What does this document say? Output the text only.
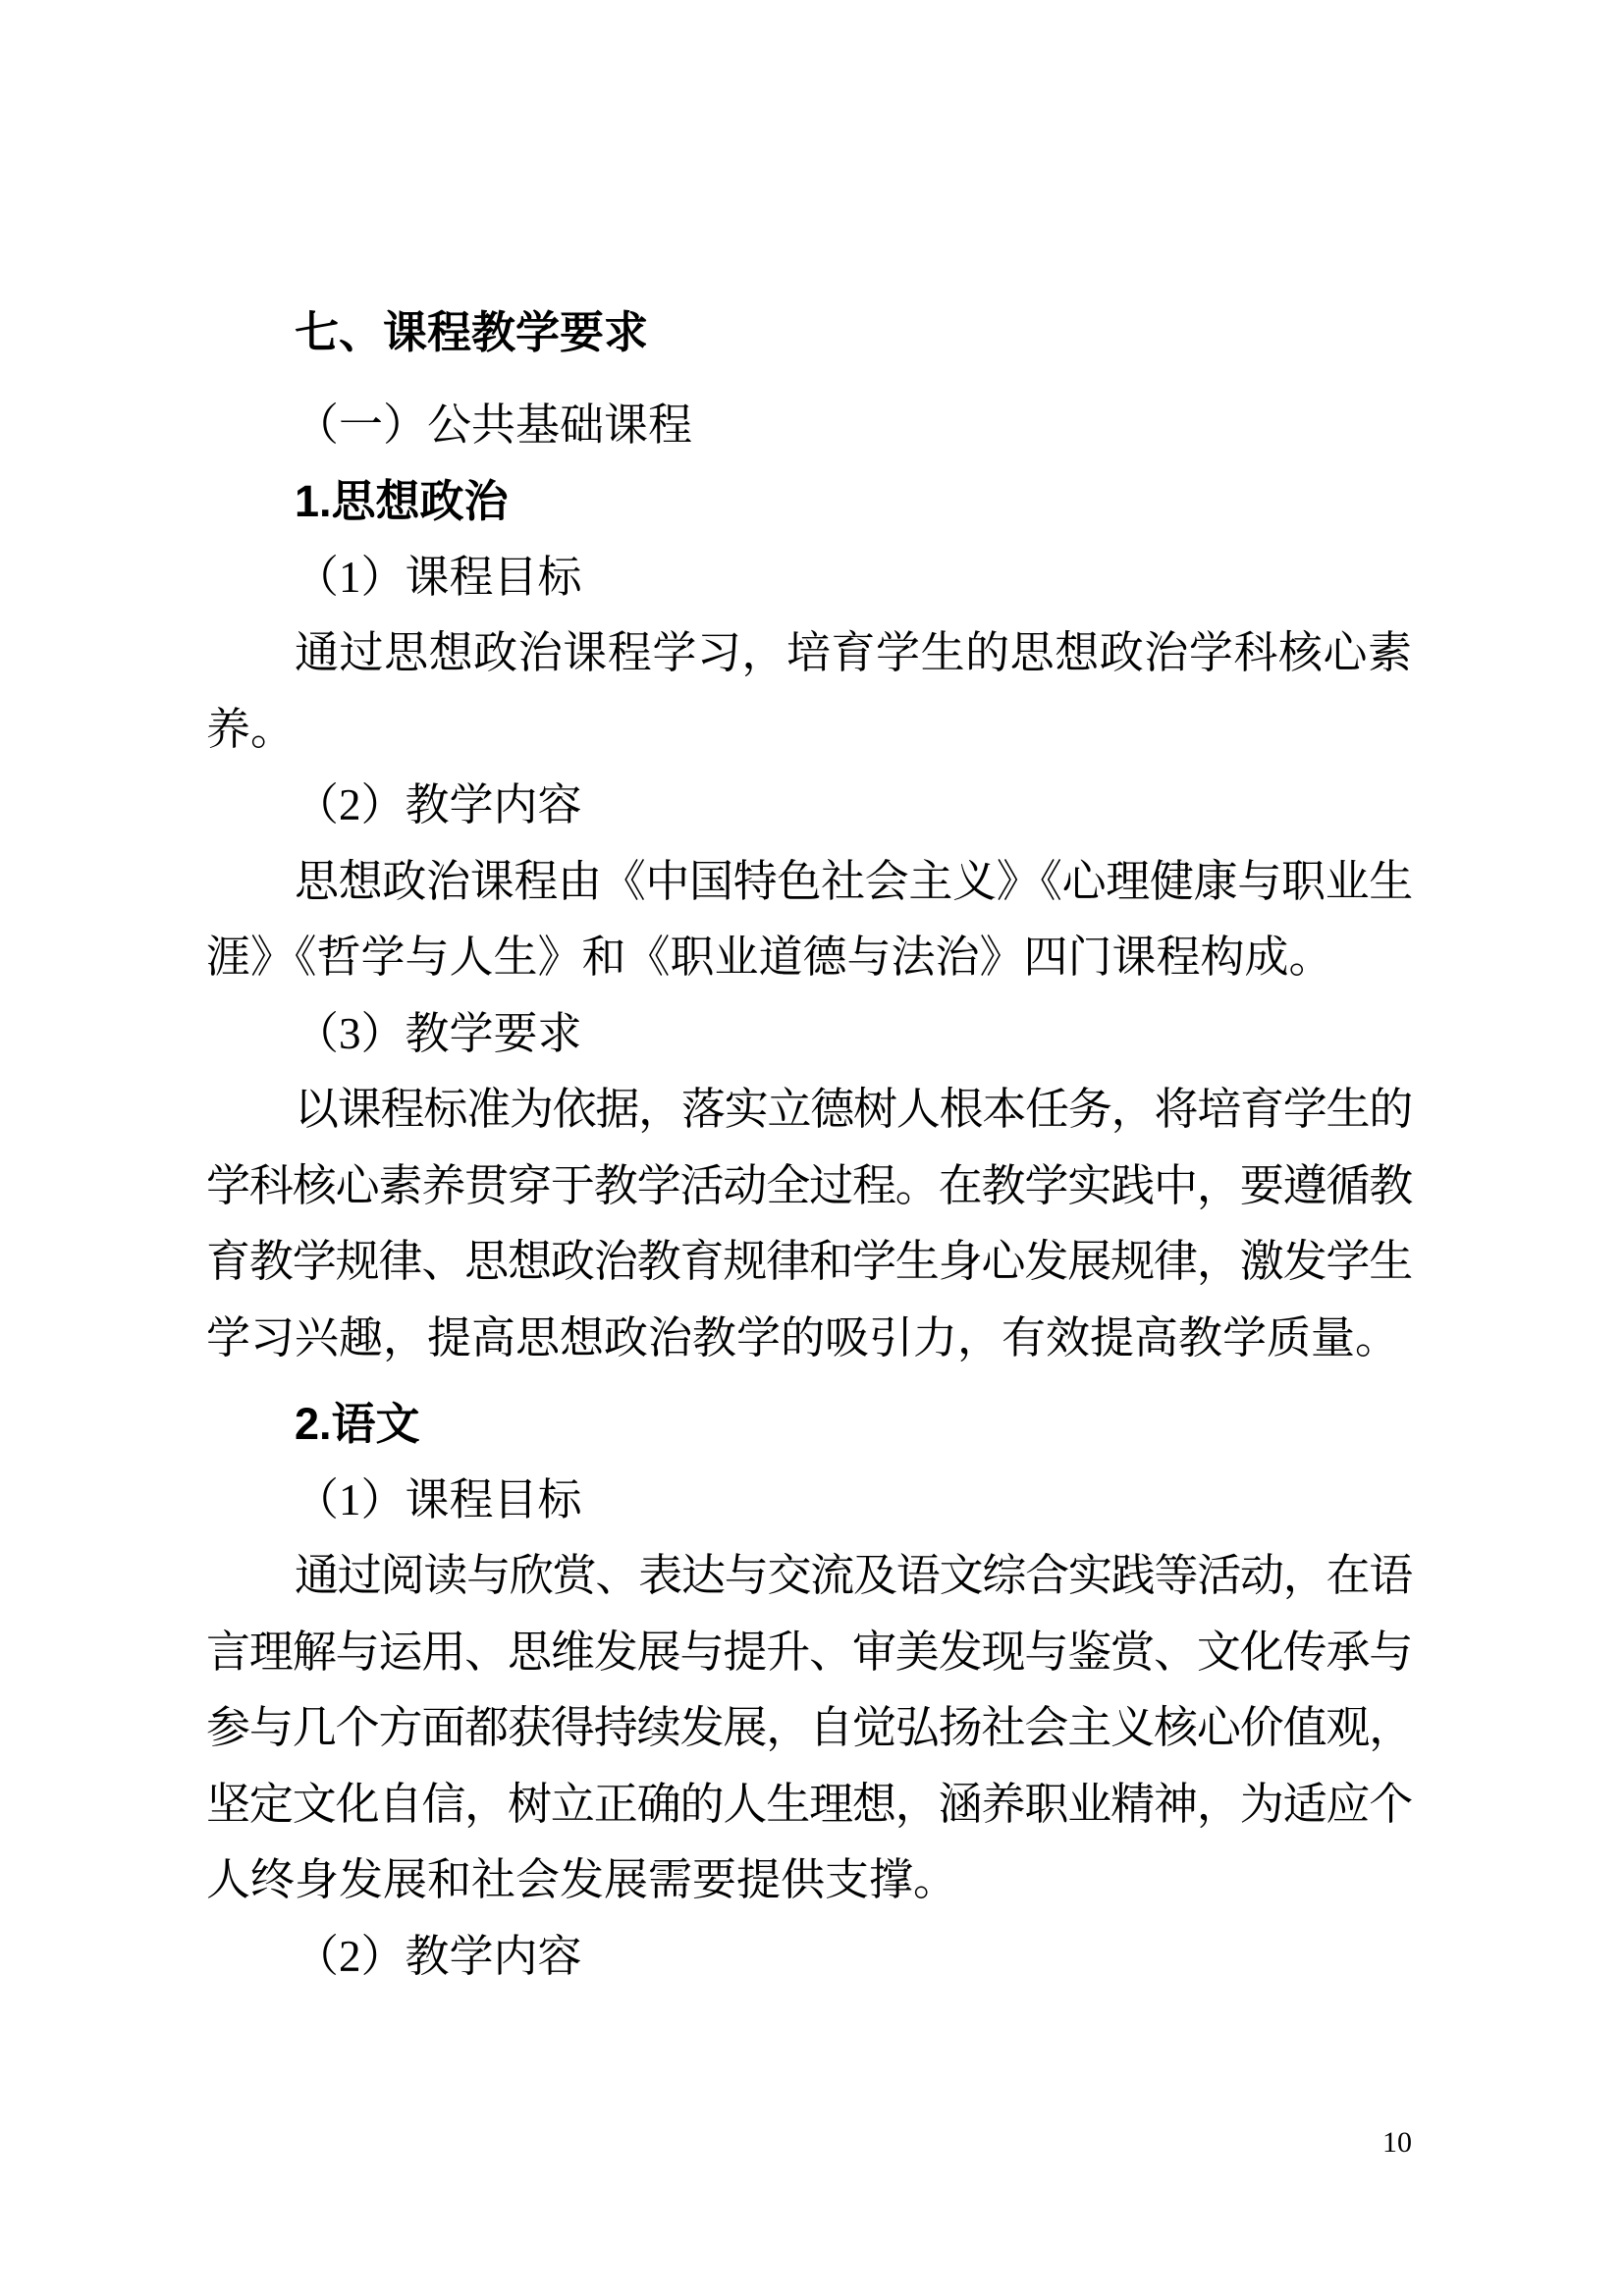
七、课程教学要求
（一）公共基础课程
1.思想政治
（1）课程目标
通过思想政治课程学习，培育学生的思想政治学科核心素
养。
（2）教学内容
思想政治课程由《中国特色社会主义》《心理健康与职业生
涯》《哲学与人生》和《职业道德与法治》四门课程构成。
（3）教学要求
以课程标准为依据，落实立德树人根本任务，将培育学生的
学科核心素养贯穿于教学活动全过程。在教学实践中，要遵循教
育教学规律、思想政治教育规律和学生身心发展规律，激发学生
学习兴趣，提高思想政治教学的吸引力，有效提高教学质量。
2.语文
（1）课程目标
通过阅读与欣赏、表达与交流及语文综合实践等活动，在语
言理解与运用、思维发展与提升、审美发现与鉴赏、文化传承与
参与几个方面都获得持续发展，自觉弘扬社会主义核心价值观，
坚定文化自信，树立正确的人生理想，涵养职业精神，为适应个
人终身发展和社会发展需要提供支撑。
（2）教学内容
10
